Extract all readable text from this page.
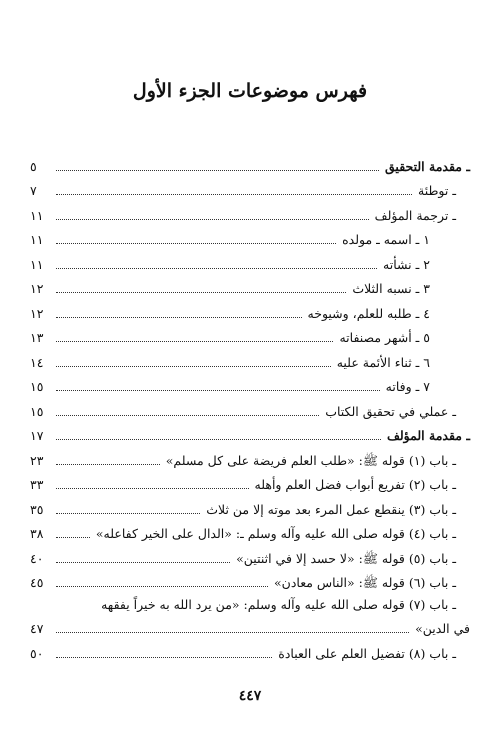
فهرس موضوعات الجزء الأول
ـ مقدمة التحقيق
٥
ـ توطئة
٧
ـ ترجمة المؤلف
١١
١ ـ اسمه ـ مولده
١١
٢ ـ نشأته
١١
٣ ـ نسبه الثلاث
١٢
٤ ـ طلبه للعلم، وشيوخه
١٢
٥ ـ أشهر مصنفاته
١٣
٦ ـ ثناء الأئمة عليه
١٤
٧ ـ وفاته
١٥
ـ عملي في تحقيق الكتاب
١٥
ـ مقدمة المؤلف
١٧
ـ باب (١) قوله ﷺ: «طلب العلم فريضة على كل مسلم»
٢٣
ـ باب (٢) تفريع أبواب فضل العلم وأهله
٣٣
ـ باب (٣) ينقطع عمل المرء بعد موته إلا من ثلاث
٣٥
ـ باب (٤) قوله صلى الله عليه وآله وسلم ـ: «الدال على الخير كفاعله»
٣٨
ـ باب (٥) قوله ﷺ: «لا حسد إلا في اثنتين»
٤٠
ـ باب (٦) قوله ﷺ: «الناس معادن»
٤٥
ـ باب (٧) قوله صلى الله عليه وآله وسلم: «من يرد الله به خيراً يفقهه
في الدين»
٤٧
ـ باب (٨) تفضيل العلم على العبادة
٥٠
٤٤٧
